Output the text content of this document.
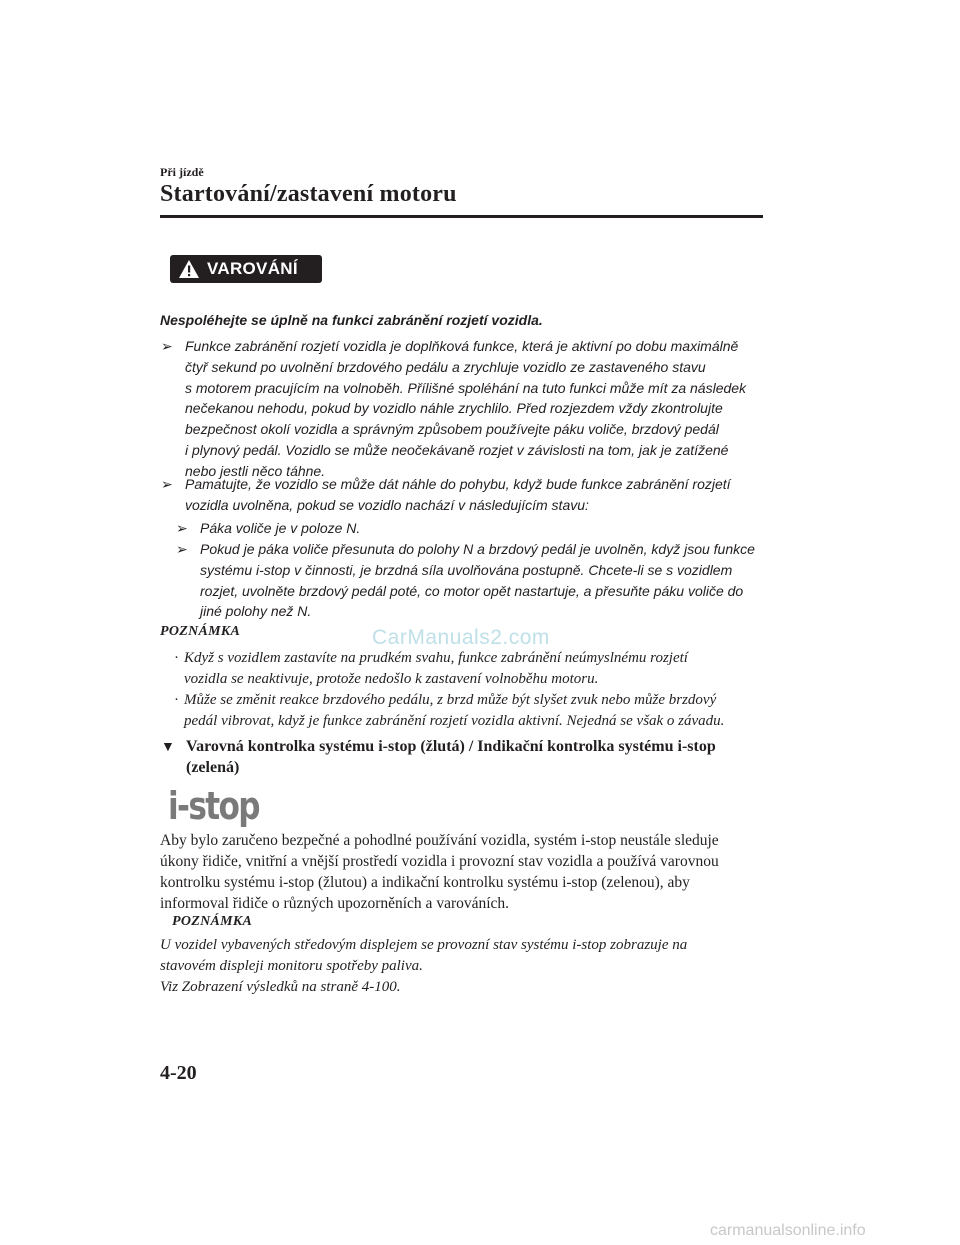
Při jízdě
Startování/zastavení motoru
VAROVÁNÍ
Nespoléhejte se úplně na funkci zabránění rozjetí vozidla.
➢ Funkce zabránění rozjetí vozidla je doplňková funkce, která je aktivní po dobu maximálně
čtyř sekund po uvolnění brzdového pedálu a zrychluje vozidlo ze zastaveného stavu
s motorem pracujícím na volnoběh. Přílišné spoléhání na tuto funkci může mít za následek
nečekanou nehodu, pokud by vozidlo náhle zrychlilo. Před rozjezdem vždy zkontrolujte
bezpečnost okolí vozidla a správným způsobem používejte páku voliče, brzdový pedál
i plynový pedál. Vozidlo se může neočekávaně rozjet v závislosti na tom, jak je zatížené
nebo jestli něco táhne.
➢ Pamatujte, že vozidlo se může dát náhle do pohybu, když bude funkce zabránění rozjetí
vozidla uvolněna, pokud se vozidlo nachází v následujícím stavu:
➢ Páka voliče je v poloze N.
➢ Pokud je páka voliče přesunuta do polohy N a brzdový pedál je uvolněn, když jsou funkce
systému i-stop v činnosti, je brzdná síla uvolňována postupně. Chcete-li se s vozidlem
rozjet, uvolněte brzdový pedál poté, co motor opět nastartuje, a přesuňte páku voliče do
jiné polohy než N.
POZNÁMKA	CarManuals2.com
· Když s vozidlem zastavíte na prudkém svahu, funkce zabránění neúmyslnému rozjetí
vozidla se neaktivuje, protože nedošlo k zastavení volnoběhu motoru.
· Může se změnit reakce brzdového pedálu, z brzd může být slyšet zvuk nebo může brzdový
pedál vibrovat, když je funkce zabránění rozjetí vozidla aktivní. Nejedná se však o závadu.
▼ Varovná kontrolka systému i-stop (žlutá) / Indikační kontrolka systému i-stop
(zelená)
i-stop
Aby bylo zaručeno bezpečné a pohodlné používání vozidla, systém i-stop neustále sleduje
úkony řidiče, vnitřní a vnější prostředí vozidla i provozní stav vozidla a používá varovnou
kontrolku systému i-stop (žlutou) a indikační kontrolku systému i-stop (zelenou), aby
informoval řidiče o různých upozorněních a varováních.
POZNÁMKA
U vozidel vybavených středovým displejem se provozní stav systému i-stop zobrazuje na
stavovém displeji monitoru spotřeby paliva.
Viz Zobrazení výsledků na straně 4-100.
4-20
carmanualsonline.info
